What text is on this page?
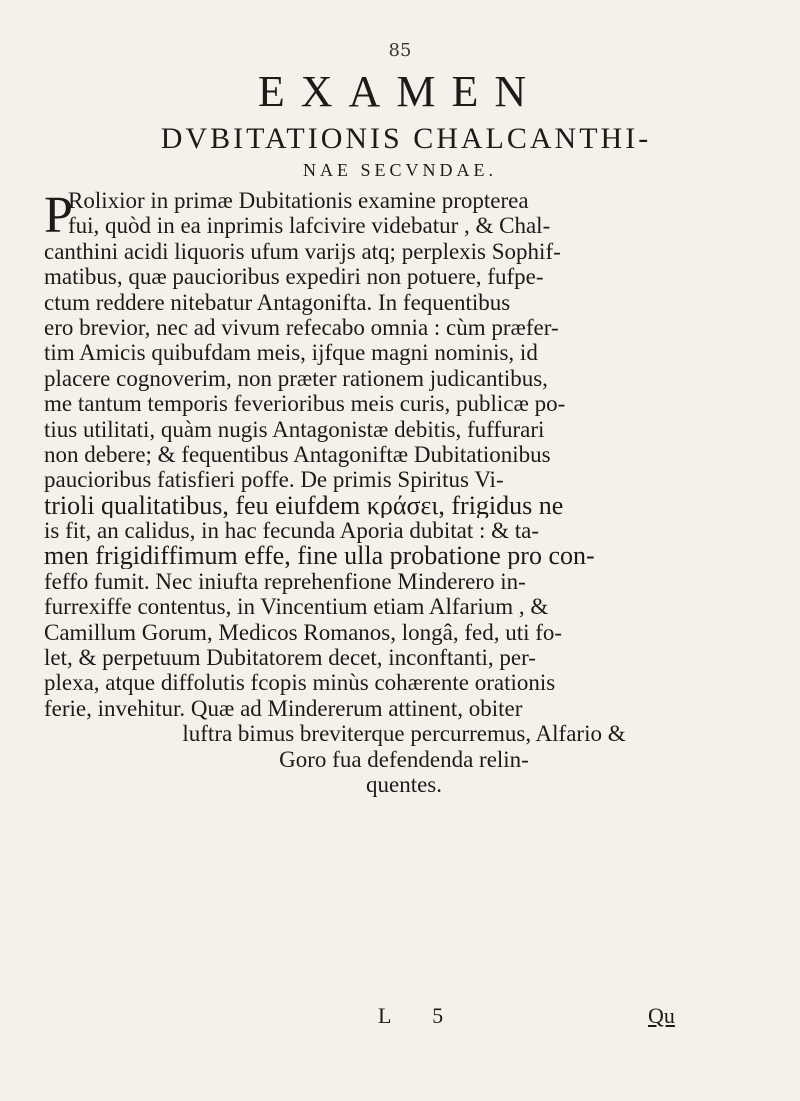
85
EXAMEN
DVBITATIONIS CHALCANTHI-
NAE SECVNDAE.
P
Rolixior in primæ Dubitationis examine propterea
fui, quòd in ea inprimis lafcivire videbatur , & Chal-
canthini acidi liquoris ufum varijs atq; perplexis Sophif-
matibus, quæ paucioribus expediri non potuere, fufpe-
ctum reddere nitebatur Antagonifta. In fequentibus
ero brevior, nec ad vivum refecabo omnia : cùm præfer-
tim Amicis quibufdam meis, ijfque magni nominis, id
placere cognoverim, non præter rationem judicantibus,
me tantum temporis feverioribus meis curis, publicæ po-
tius utilitati, quàm nugis Antagonistæ debitis, fuffurari
non debere; & fequentibus Antagoniftæ Dubitationibus
paucioribus fatisfieri poffe. De primis Spiritus Vi-
trioli qualitatibus, feu eiufdem κράσει, frigidus ne
is fit, an calidus, in hac fecunda Aporia dubitat : & ta-
men frigidiffimum effe, fine ulla probatione pro con-
feffo fumit. Nec iniufta reprehenfione Minderero in-
furrexiffe contentus, in Vincentium etiam Alfarium , &
Camillum Gorum, Medicos Romanos, longâ, fed, uti fo-
let, & perpetuum Dubitatorem decet, inconftanti, per-
plexa, atque diffolutis fcopis minùs cohærente orationis
ferie, invehitur. Quæ ad Mindererum attinent, obiter
luftra bimus breviterque percurremus, Alfario &
Goro fua defendenda relin-
quentes.
L 5	Qu
